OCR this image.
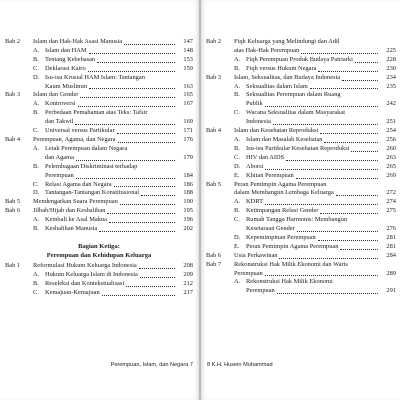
Bab 2	Islam dan Hak-Hak Asasi Manusia	147
A. Islam dan HAM	148
B. Tentang Kebebasan	153
C. Deklarasi Kairo	159
D. Isu-isu Krusial HAM Islam: Tantangan
Kaum Muslimin	163
Bab 3	Islam dan Gender	165
A. Kontroversi	167
B. Perbedaan Pemahaman atas Teks: Tafsir
dan Takwil	169
C. Universal versus Partikular	171
Bab 4	Perempuan, Agama, dan Negara	176
A. Letak Perempuan dalam Negara
dan Agama	179
B. Pelembagaan Diskriminasi terhadap
Perempuan	184
C. Relasi Agama dan Negara	186
D. Tantangan-Tantangan Konstitusional	188
Bab 5	Mendengarkan Suara Perempuan	190
Bab 6	Jilbab/Hijab dan Keshalihan	195
A. Kembali ke Asal Makna	196
B. Keshalihan Manusia	202
Bagian Ketiga:
Perempuan dan Kehidupan Keluarga
Bab 1	Reformulasi Hukum Keluarga Indonesia	208
A. Hukum Keluarga Islam di Indonesia	209
B. Reseleksi dan Kontekstualisasi	212
C. Kemajuan-Kemajuan	217
Perempuan, Islam, dan Negara 7
Bab 2	Fiqh Keluarga yang Melindungi dan Adil
atas Hak-Hak Perempuan	225
A. Fiqh Perempuan Produk Budaya Patriarki	228
B. Fiqh versus Hukum Negara	230
Bab 3	Islam, Seksualitas, dan Budaya Indonesia	234
A. Seksualitas dalam Islam	235
B. Seksualitas Perempuan dalam Ruang
Publik	242
C. Wacana Seksualitas dalam Masyarakat
Indonesia	251
Bab 4	Islam dan Kesehatan Reproduksi	254
A. Islam dan Masalah Kesehatan	256
B. Isu-isu Partikular Kesehatan Reproduksi	260
C. HIV dan AIDS	263
D. Aborsi	265
E.	Khitan Perempuan	269
Bab 5	Peran Pemimpin Agama Perempuan
dalam Membangun Lembaga Keluarga	272
A. KDRT	274
B. Ketimpangan Relasi Gender	275
C. Rumah Tangga Harmonis: Membangun
Kesetaraan Gender	276
D. Kepemimpinan Perempuan	281
E.	Peran Pemimpin Agama Perempuan	281
Bab 6	Usia Perkawinan	284
Bab 7	Rekonstruksi Hak Milik Ekonomi dan Waris
Perempuan	289
A. Rekonstruksi Hak Milik Ekonomi
Perempuan	291
8 K.H. Husein Muhammad
